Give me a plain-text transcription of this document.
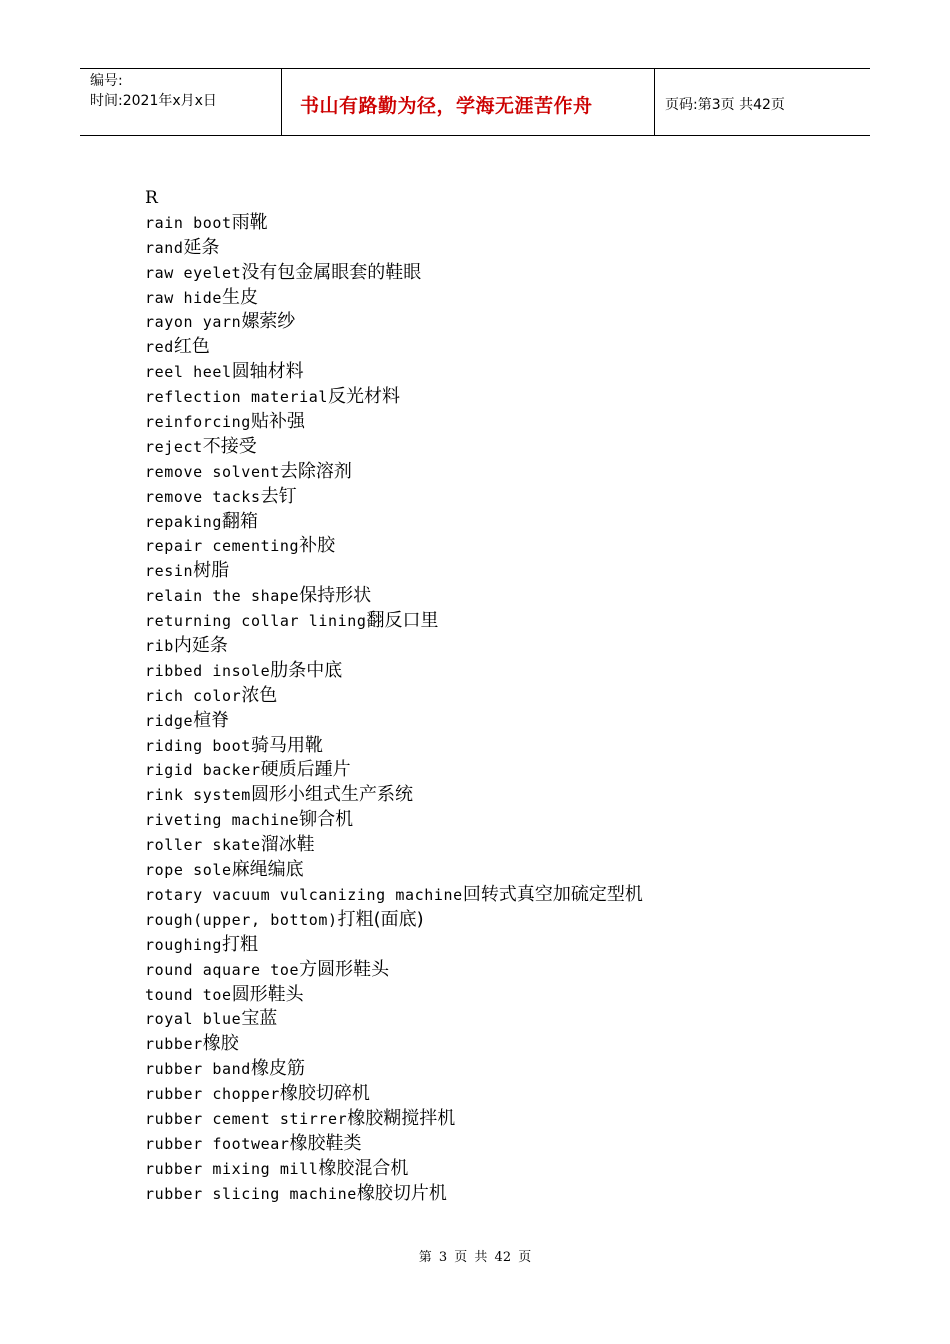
编号:
时间:2021年x月x日	书山有路勤为径，学海无涯苦作舟	页码:第3页 共42页
R
rain boot雨靴
rand延条
raw eyelet没有包金属眼套的鞋眼
raw hide生皮
rayon yarn嫘萦纱
red红色
reel heel圆轴材料
reflection material反光材料
reinforcing贴补强
reject不接受
remove solvent去除溶剂
remove tacks去钉
repaking翻箱
repair cementing补胶
resin树脂
relain the shape保持形状
returning collar lining翻反口里
rib内延条
ribbed insole肋条中底
rich color浓色
ridge楦脊
riding boot骑马用靴
rigid backer硬质后踵片
rink system圆形小组式生产系统
riveting machine铆合机
roller skate溜冰鞋
rope sole麻绳编底
rotary vacuum vulcanizing machine回转式真空加硫定型机
rough(upper, bottom)打粗(面底)
roughing打粗
round aquare toe方圆形鞋头
tound toe圆形鞋头
royal blue宝蓝
rubber橡胶
rubber band橡皮筋
rubber chopper橡胶切碎机
rubber cement stirrer橡胶糊搅拌机
rubber footwear橡胶鞋类
rubber mixing mill橡胶混合机
rubber slicing machine橡胶切片机
第 3 页 共 42 页
